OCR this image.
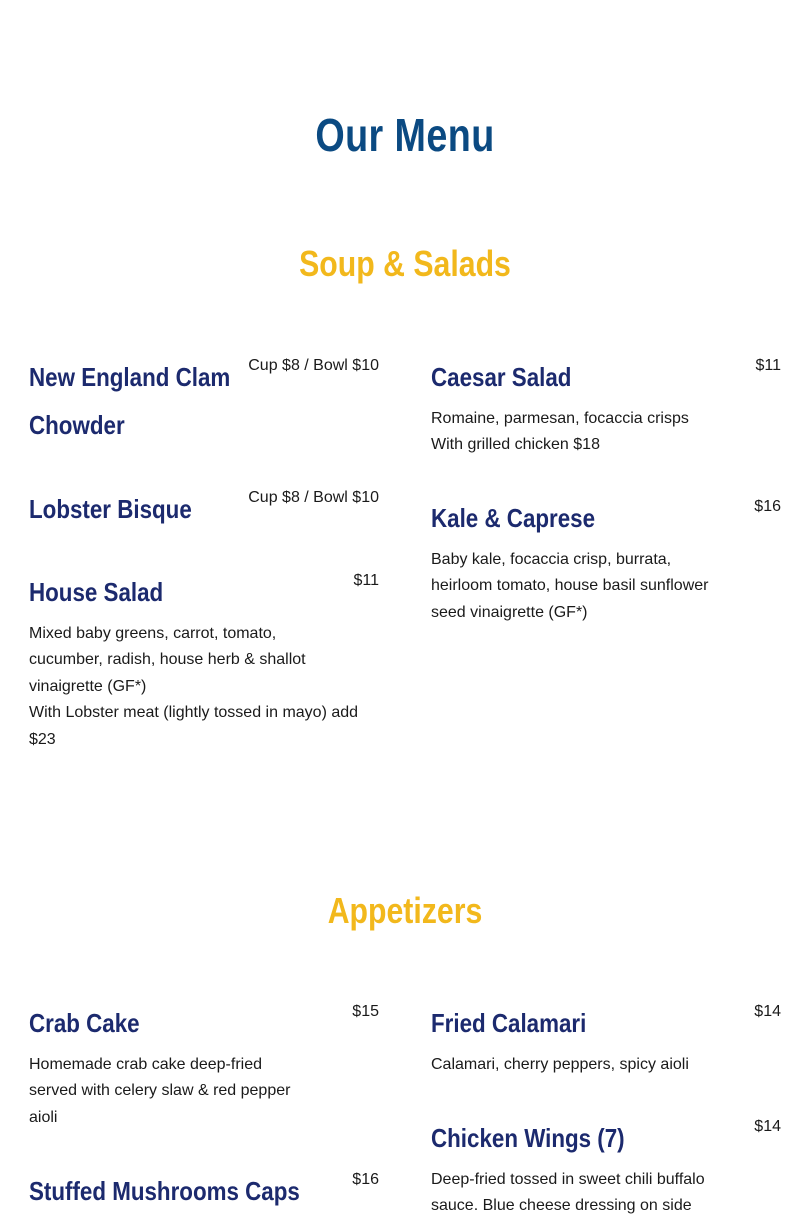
Our Menu
Soup & Salads
New England Clam
Chowder
Cup $8 / Bowl $10
Lobster Bisque	Cup $8 / Bowl $10
House Salad	$11
Mixed baby greens, carrot, tomato,
cucumber, radish, house herb & shallot
vinaigrette (GF*)
With Lobster meat (lightly tossed in mayo) add
$23
Caesar Salad	$11
Romaine, parmesan, focaccia crisps
With grilled chicken $18
Kale & Caprese	$16
Baby kale, focaccia crisp, burrata,
heirloom tomato, house basil sunflower
seed vinaigrette (GF*)
Appetizers
Crab Cake	$15
Homemade crab cake deep-fried
served with celery slaw & red pepper
aioli
Stuffed Mushrooms Caps	$16
Fried Calamari	$14
Calamari, cherry peppers, spicy aioli
Chicken Wings (7)	$14
Deep-fried tossed in sweet chili buffalo
sauce. Blue cheese dressing on side
